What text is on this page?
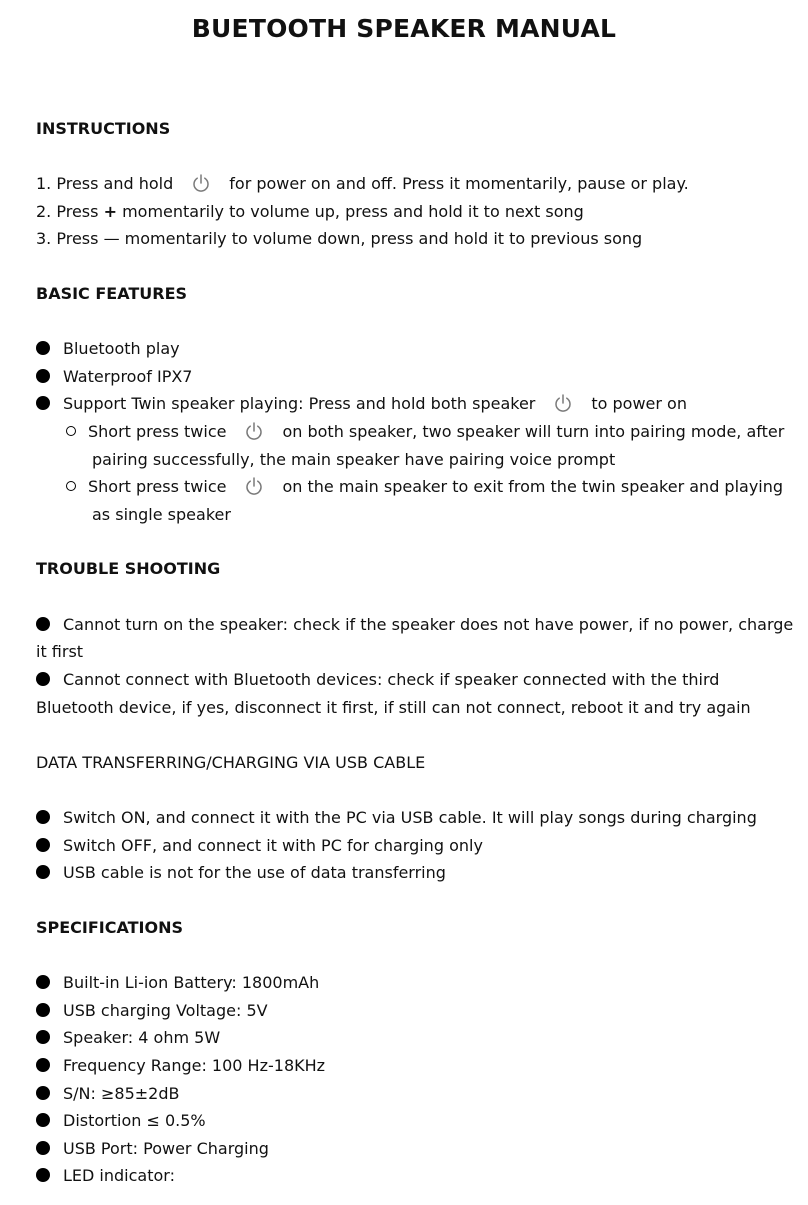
BUETOOTH SPEAKER MANUAL
INSTRUCTIONS
1. Press and hold	for power on and off. Press it momentarily, pause or play.
2. Press + momentarily to volume up, press and hold it to next song
3. Press — momentarily to volume down, press and hold it to previous song
BASIC FEATURES
Bluetooth play
Waterproof IPX7
Support Twin speaker playing: Press and hold both speaker	to power on
Short press twice	on both speaker, two speaker will turn into pairing mode, after
pairing successfully, the main speaker have pairing voice prompt
Short press twice	on the main speaker to exit from the twin speaker and playing
as single speaker
TROUBLE SHOOTING
Cannot turn on the speaker: check if the speaker does not have power, if no power, charge
it first
Cannot connect with Bluetooth devices: check if speaker connected with the third
Bluetooth device, if yes, disconnect it first, if still can not connect, reboot it and try again
DATA TRANSFERRING/CHARGING VIA USB CABLE
Switch ON, and connect it with the PC via USB cable. It will play songs during charging
Switch OFF, and connect it with PC for charging only
USB cable is not for the use of data transferring
SPECIFICATIONS
Built-in Li-ion Battery: 1800mAh
USB charging Voltage: 5V
Speaker: 4 ohm 5W
Frequency Range: 100 Hz-18KHz
S/N: ≥85±2dB
Distortion ≤ 0.5%
USB Port: Power Charging
LED indicator:
